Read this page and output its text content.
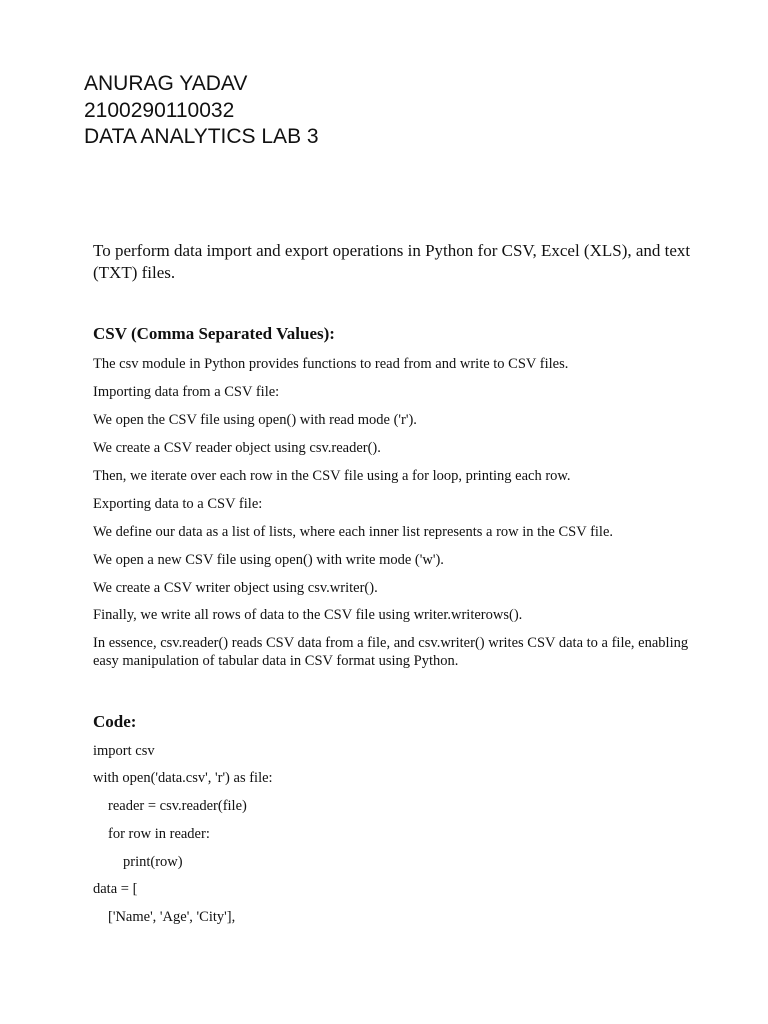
ANURAG YADAV
2100290110032
DATA ANALYTICS LAB 3
To perform data import and export operations in Python for CSV, Excel (XLS), and text (TXT) files.
CSV (Comma Separated Values):
The csv module in Python provides functions to read from and write to CSV files.
Importing data from a CSV file:
We open the CSV file using open() with read mode ('r').
We create a CSV reader object using csv.reader().
Then, we iterate over each row in the CSV file using a for loop, printing each row.
Exporting data to a CSV file:
We define our data as a list of lists, where each inner list represents a row in the CSV file.
We open a new CSV file using open() with write mode ('w').
We create a CSV writer object using csv.writer().
Finally, we write all rows of data to the CSV file using writer.writerows().
In essence, csv.reader() reads CSV data from a file, and csv.writer() writes CSV data to a file, enabling easy manipulation of tabular data in CSV format using Python.
Code:
import csv
with open('data.csv', 'r') as file:
reader = csv.reader(file)
for row in reader:
print(row)
data = [
['Name', 'Age', 'City'],
